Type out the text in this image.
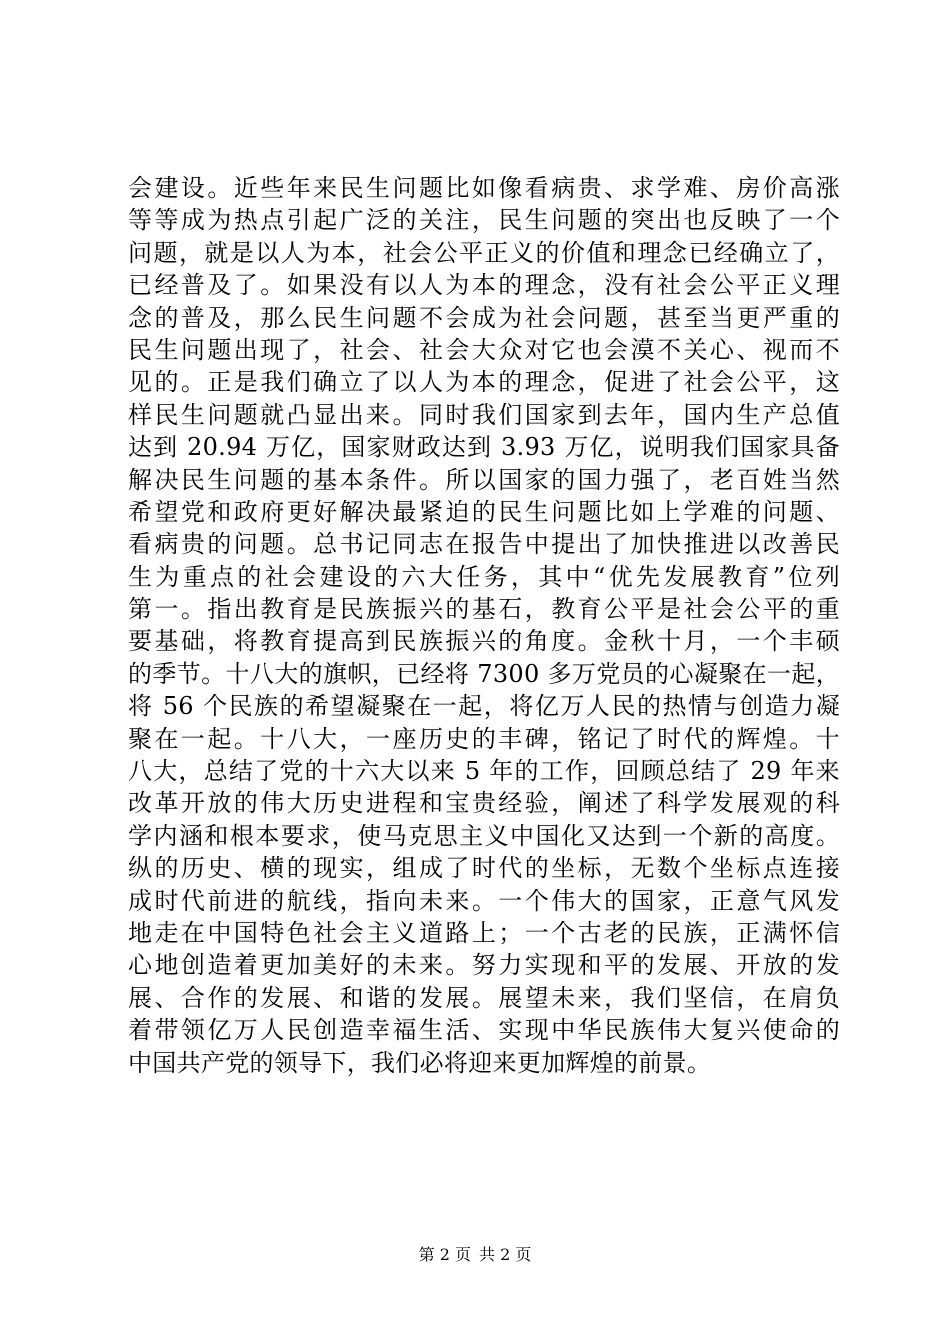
会建设。近些年来民生问题比如像看病贵、求学难、房价高涨
等等成为热点引起广泛的关注，民生问题的突出也反映了一个
问题，就是以人为本，社会公平正义的价值和理念已经确立了，
已经普及了。如果没有以人为本的理念，没有社会公平正义理
念的普及，那么民生问题不会成为社会问题，甚至当更严重的
民生问题出现了，社会、社会大众对它也会漠不关心、视而不
见的。正是我们确立了以人为本的理念，促进了社会公平，这
样民生问题就凸显出来。同时我们国家到去年，国内生产总值
达到 20.94 万亿，国家财政达到 3.93 万亿，说明我们国家具备
解决民生问题的基本条件。所以国家的国力强了，老百姓当然
希望党和政府更好解决最紧迫的民生问题比如上学难的问题、
看病贵的问题。总书记同志在报告中提出了加快推进以改善民
生为重点的社会建设的六大任务，其中“优先发展教育”位列
第一。指出教育是民族振兴的基石，教育公平是社会公平的重
要基础，将教育提高到民族振兴的角度。金秋十月，一个丰硕
的季节。十八大的旗帜，已经将 7300 多万党员的心凝聚在一起，
将 56 个民族的希望凝聚在一起，将亿万人民的热情与创造力凝
聚在一起。十八大，一座历史的丰碑，铭记了时代的辉煌。十
八大，总结了党的十六大以来 5 年的工作，回顾总结了 29 年来
改革开放的伟大历史进程和宝贵经验，阐述了科学发展观的科
学内涵和根本要求，使马克思主义中国化又达到一个新的高度。
纵的历史、横的现实，组成了时代的坐标，无数个坐标点连接
成时代前进的航线，指向未来。一个伟大的国家，正意气风发
地走在中国特色社会主义道路上；一个古老的民族，正满怀信
心地创造着更加美好的未来。努力实现和平的发展、开放的发
展、合作的发展、和谐的发展。展望未来，我们坚信，在肩负
着带领亿万人民创造幸福生活、实现中华民族伟大复兴使命的
中国共产党的领导下，我们必将迎来更加辉煌的前景。
第 2 页 共 2 页
